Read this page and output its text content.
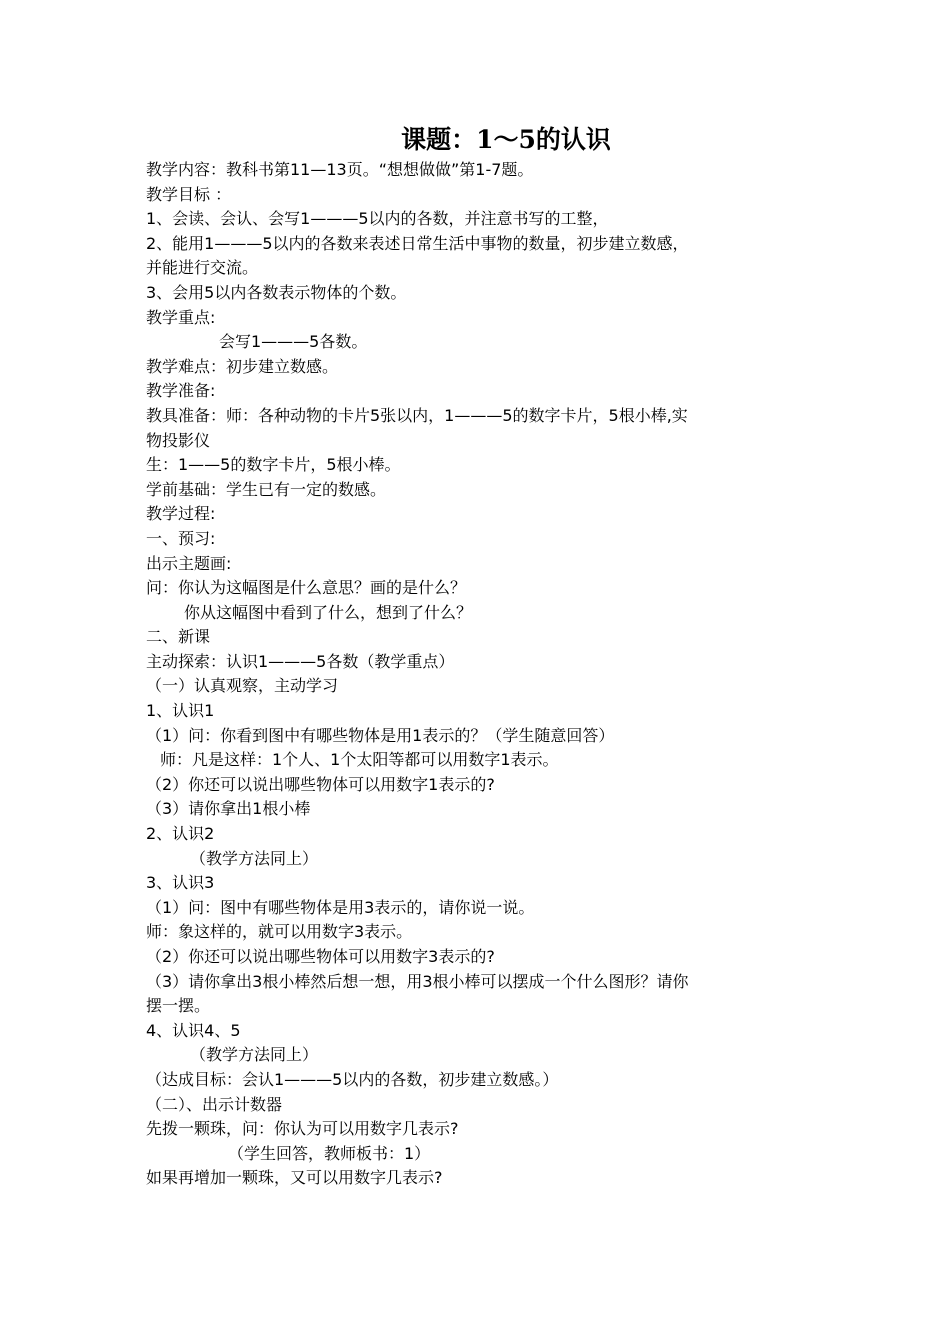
课题：1～5的认识
教学内容：教科书第11—13页。“想想做做”第1-7题。
教学目标 ：
1、会读、会认、会写1———5以内的各数，并注意书写的工整，
2、能用1———5以内的各数来表述日常生活中事物的数量，初步建立数感，
并能进行交流。
3、会用5以内各数表示物体的个数。
教学重点:
会写1———5各数。
教学难点：初步建立数感。
教学准备:
教具准备：师：各种动物的卡片5张以内，1———5的数字卡片，5根小棒,实
物投影仪
生：1——5的数字卡片，5根小棒。
学前基础：学生已有一定的数感。
教学过程:
一、预习:
出示主题画:
问：你认为这幅图是什么意思？画的是什么？
你从这幅图中看到了什么，想到了什么？
二、新课
主动探索：认识1———5各数（教学重点）
（一）认真观察，主动学习
1、认识1
（1）问：你看到图中有哪些物体是用1表示的？（学生随意回答）
师：凡是这样：1个人、1个太阳等都可以用数字1表示。
（2）你还可以说出哪些物体可以用数字1表示的?
（3）请你拿出1根小棒
2、认识2
（教学方法同上）
3、认识3
（1）问：图中有哪些物体是用3表示的，请你说一说。
师：象这样的，就可以用数字3表示。
（2）你还可以说出哪些物体可以用数字3表示的?
（3）请你拿出3根小棒然后想一想，用3根小棒可以摆成一个什么图形？请你
摆一摆。
4、认识4、5
（教学方法同上）
（达成目标：会认1———5以内的各数，初步建立数感。）
（二）、出示计数器
先拨一颗珠，问：你认为可以用数字几表示?
（学生回答，教师板书：1）
如果再增加一颗珠，又可以用数字几表示?
